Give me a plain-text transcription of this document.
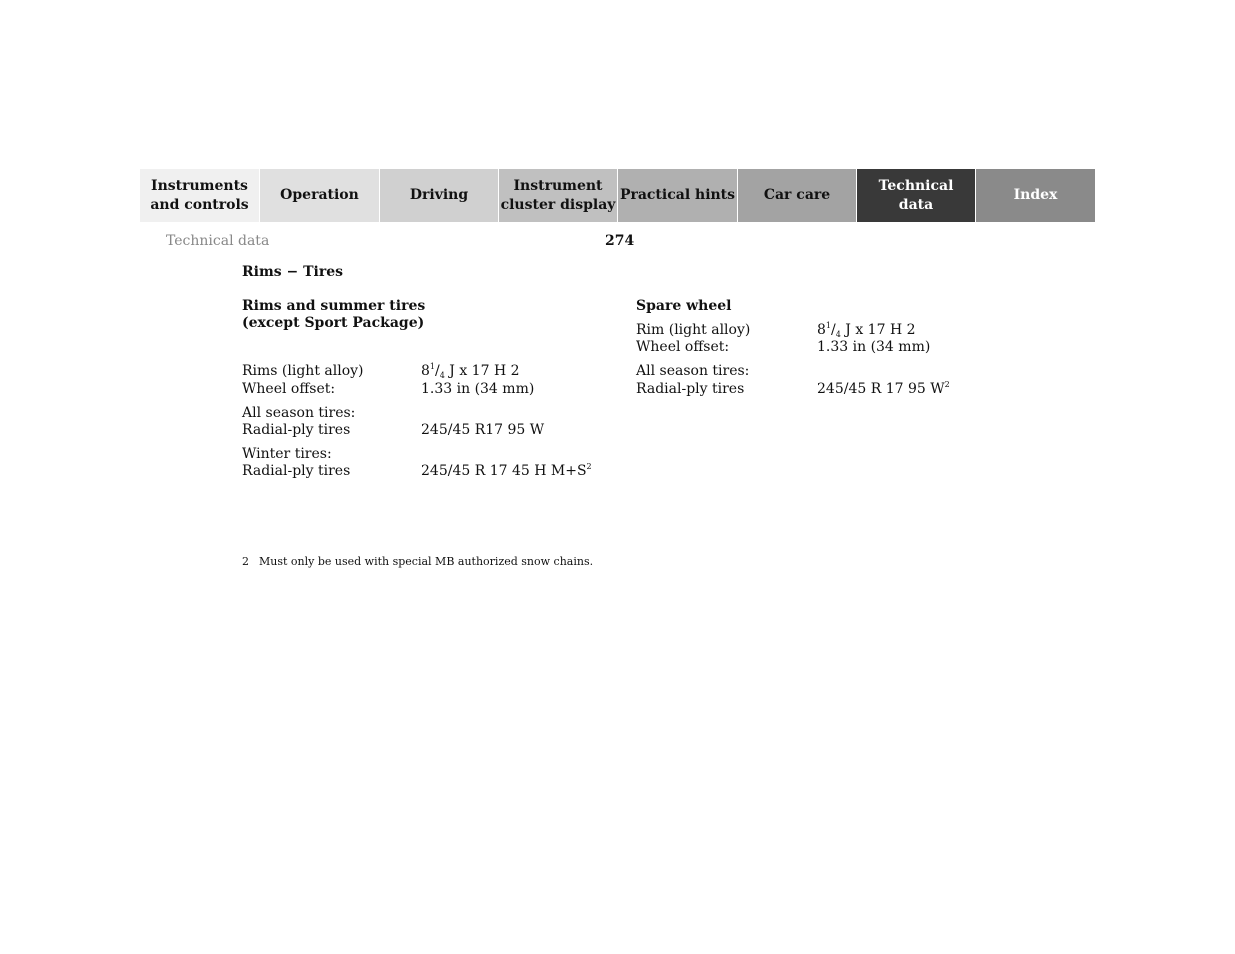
Instruments
and controls
Operation	Driving
Instrument
cluster display
Practical hints	Car care
Technical
data
Index
Technical data	274
Rims − Tires
Rims and summer tires
(except Sport Package)
Rims (light alloy)	$8^1/_4$ J x 17 H 2
Wheel offset:	1.33 in (34 mm)
All season tires:
Radial-ply tires	245/45 R17 95 W
Winter tires:
Radial-ply tires	245/45 R 17 45 H $M+S^2$
Spare wheel
Rim (light alloy)	$8^1/_4$ J x 17 H 2
Wheel offset:	1.33 in (34 mm)
All season tires:
Radial-ply tires	245/45 R 17 95 $W^2$
2 Must only be used with special MB authorized snow chains.
